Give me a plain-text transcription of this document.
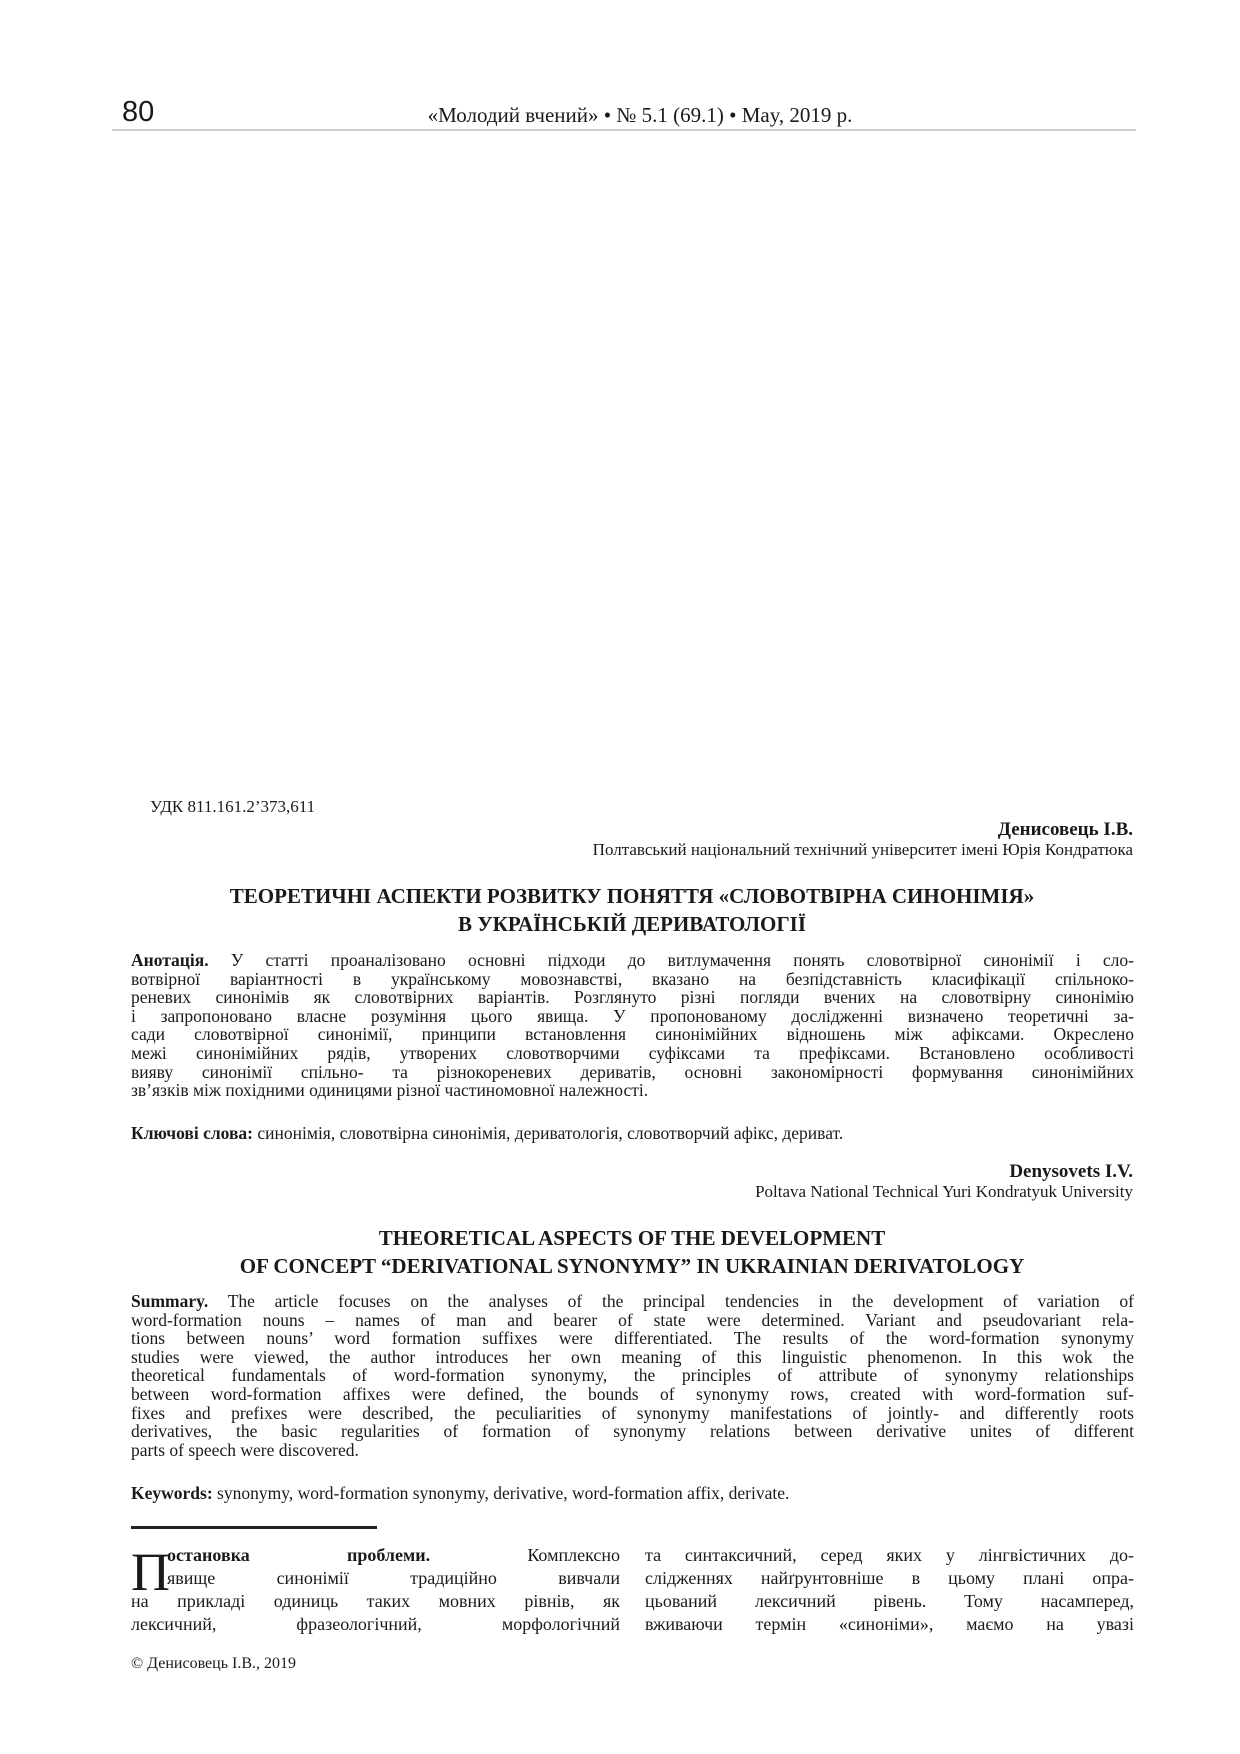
80	«Молодий вчений» • № 5.1 (69.1) • May, 2019 р.
УДК 811.161.2’373,611
Денисовець І.В.
Полтавський національний технічний університет імені Юрія Кондратюка
ТЕОРЕТИЧНІ АСПЕКТИ РОЗВИТКУ ПОНЯТТЯ «СЛОВОТВІРНА СИНОНІМІЯ»
В УКРАЇНСЬКІЙ ДЕРИВАТОЛОГІЇ
Анотація. У статті проаналізовано основні підходи до витлумачення понять словотвірної синонімії і сло-
вотвірної варіантності в українському мовознавстві, вказано на безпідставність класифікації спільноко-
реневих синонімів як словотвірних варіантів. Розглянуто різні погляди вчених на словотвірну синонімію
і запропоновано власне розуміння цього явища. У пропонованому дослідженні визначено теоретичні за-
сади словотвірної синонімії, принципи встановлення синонімійних відношень між афіксами. Окреслено
межі синонімійних рядів, утворених словотворчими суфіксами та префіксами. Встановлено особливості
вияву синонімії спільно- та різнокореневих дериватів, основні закономірності формування синонімійних
зв’язків між похідними одиницями різної частиномовної належності.
Ключові слова: синонімія, словотвірна синонімія, дериватологія, словотворчий афікс, дериват.
Denysovets I.V.
Poltava National Technical Yuri Kondratyuk University
THEORETICAL ASPECTS OF THE DEVELOPMENT
OF CONCEPT “DERIVATIONAL SYNONYMY” IN UKRAINIAN DERIVATOLOGY
Summary. The article focuses on the analyses of the principal tendencies in the development of variation of
word-formation nouns – names of man and bearer of state were determined. Variant and pseudovariant rela-
tions between nouns’ word formation suffixes were differentiated. The results of the word-formation synonymy
studies were viewed, the author introduces her own meaning of this linguistic phenomenon. In this wok the
theoretical fundamentals of word-formation synonymy, the principles of attribute of synonymy relationships
between word-formation affixes were defined, the bounds of synonymy rows, created with word-formation suf-
fixes and prefixes were described, the peculiarities of synonymy manifestations of jointly- and differently roots
derivatives, the basic regularities of formation of synonymy relations between derivative unites of different
parts of speech were discovered.
Keywords: synonymy, word-formation synonymy, derivative, word-formation affix, derivate.
П
остановка проблеми. Комплексно
явище синонімії традиційно вивчали
на прикладі одиниць таких мовних рівнів, як
лексичний, фразеологічний, морфологічний
та синтаксичний, серед яких у лінгвістичних до-
слідженнях найґрунтовніше в цьому плані опра-
цьований лексичний рівень. Тому насамперед,
вживаючи термін «синоніми», маємо на увазі
© Денисовець І.В., 2019
